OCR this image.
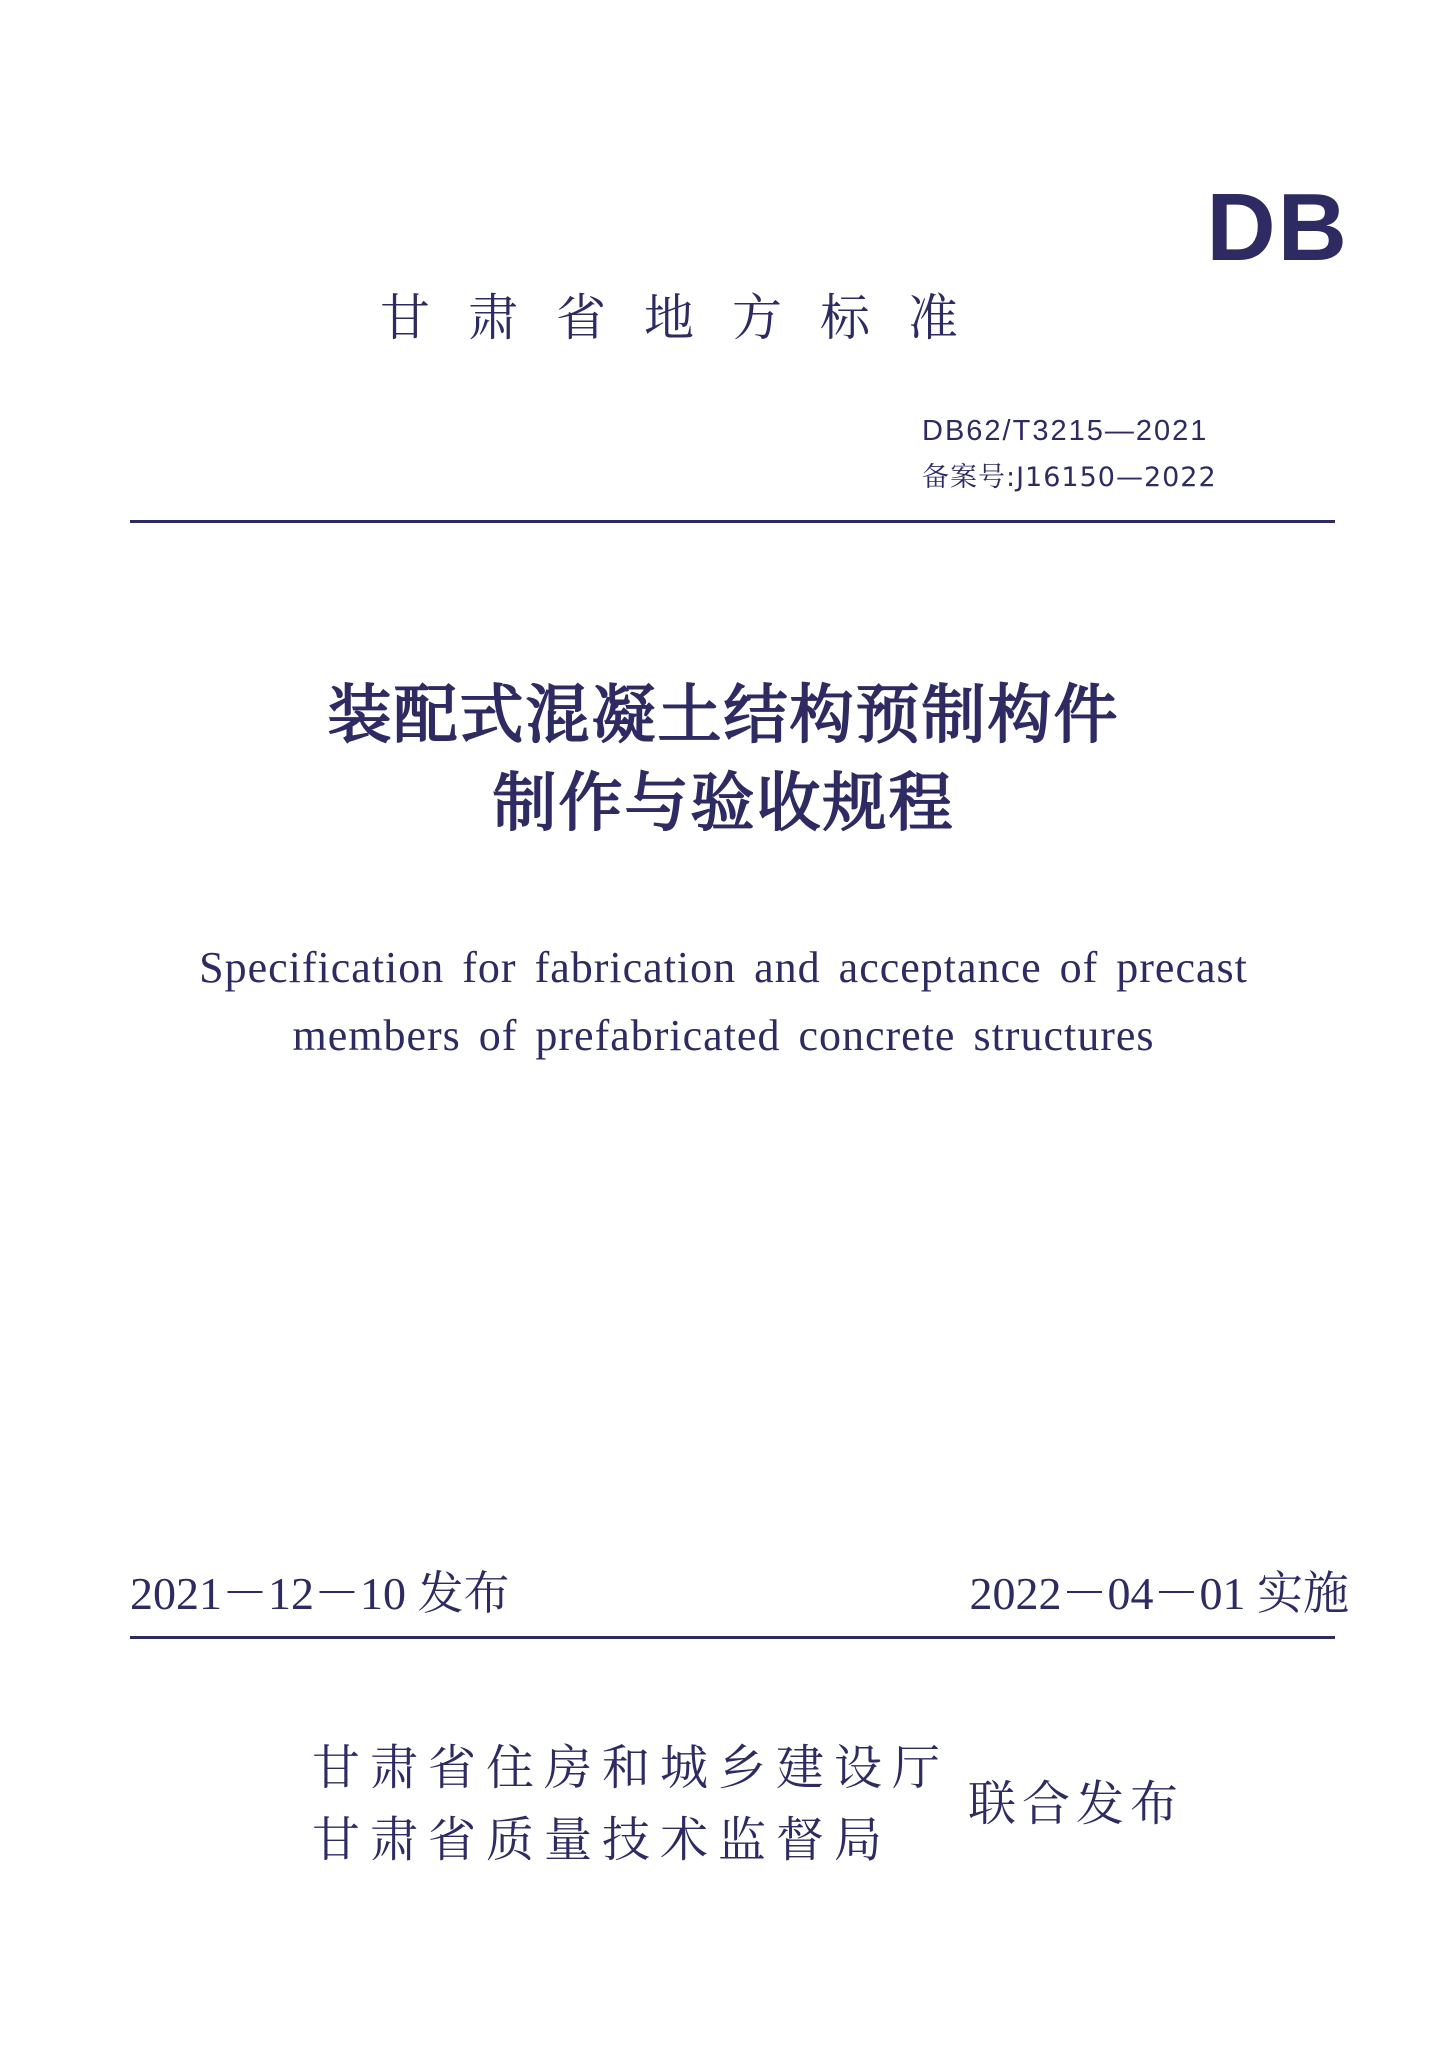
DB
甘肃省地方标准
DB62/T3215—2021
备案号:J16150—2022
装配式混凝土结构预制构件
制作与验收规程
Specification for fabrication and acceptance of precast
members of prefabricated concrete structures
2021－12－10 发布	2022－04－01 实施
甘肃省住房和城乡建设厅
甘肃省质量技术监督局
联合发布
